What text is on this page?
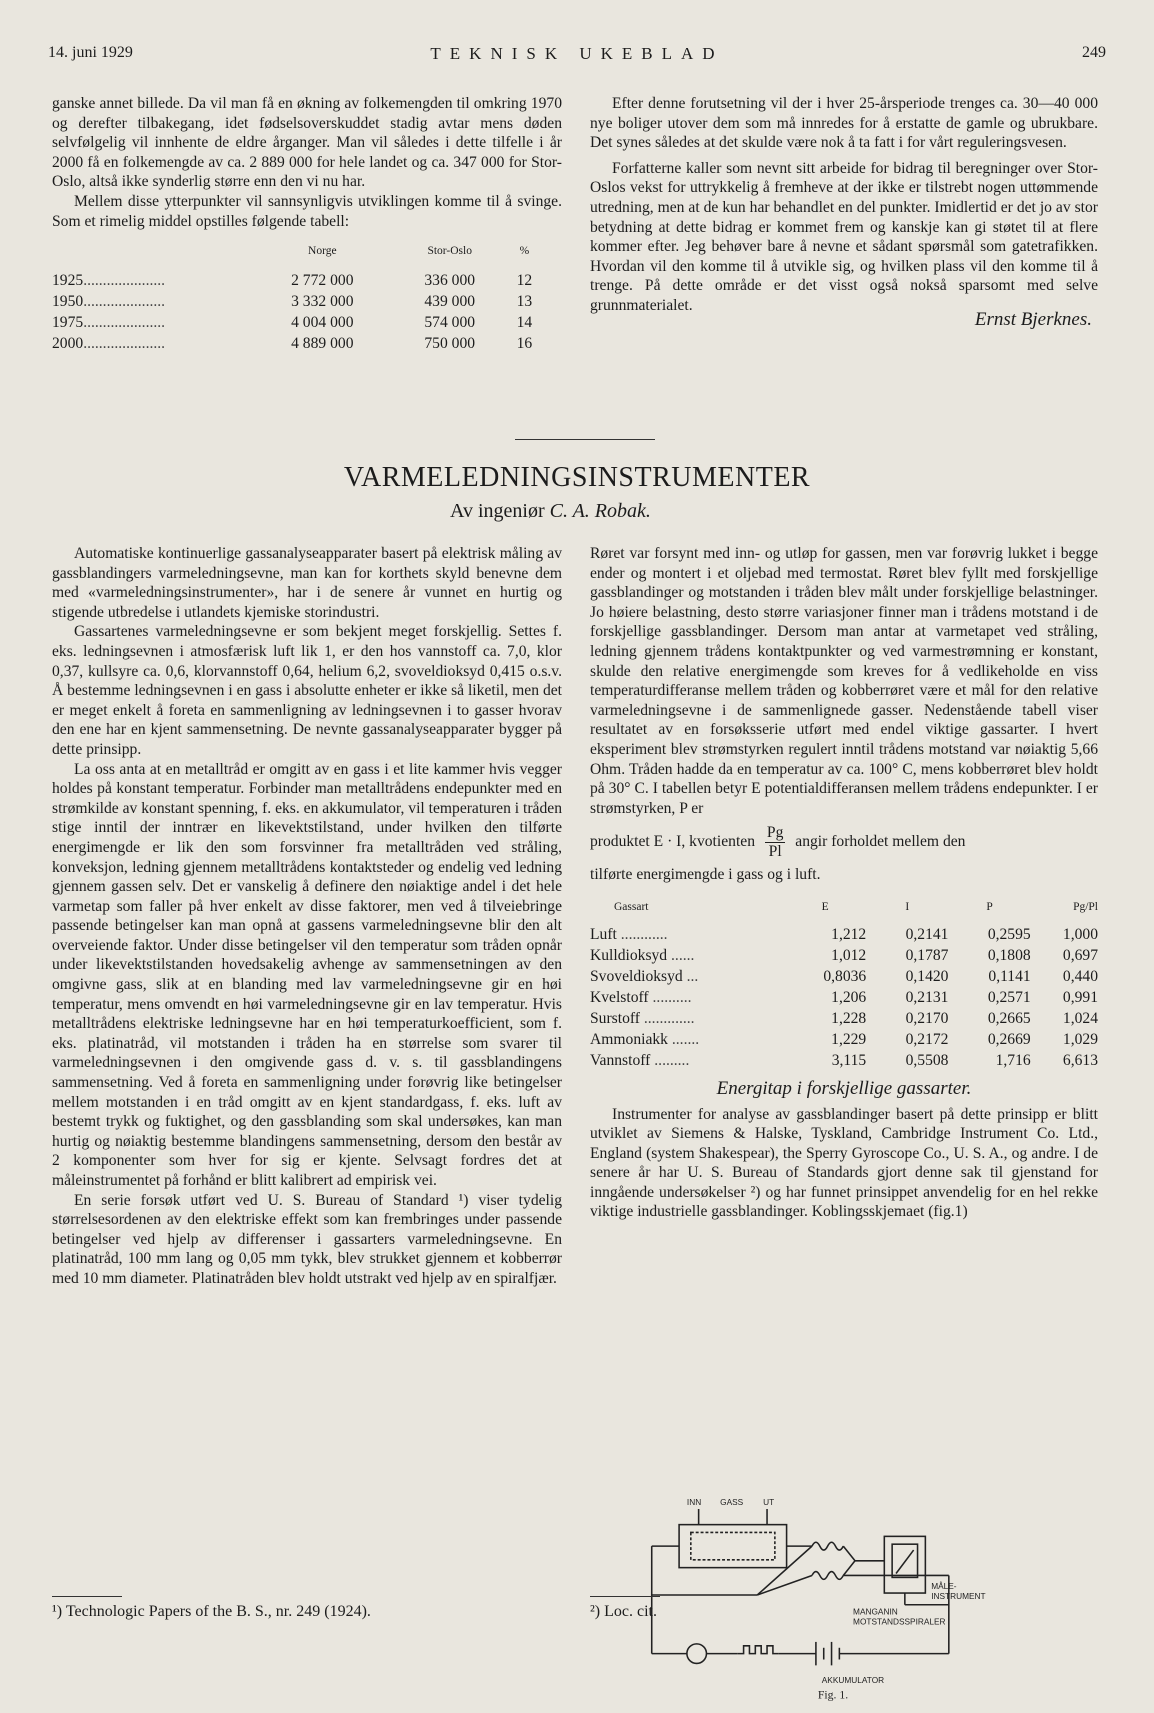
14. juni 1929	TEKNISK UKEBLAD	249

ganske annet billede. Da vil man få en økning av folkemengden til omkring 1970 og derefter tilbakegang, idet fødselsoverskuddet stadig avtar mens døden selvfølgelig vil innhente de eldre årganger. Man vil således i dette tilfelle i år 2000 få en folkemengde av ca. 2 889 000 for hele landet og ca. 347 000 for Stor-Oslo, altså ikke synderlig større enn den vi nu har.

Mellem disse ytterpunkter vil sannsynligvis utviklingen komme til å svinge. Som et rimelig middel opstilles følgende tabell:

	Norge	Stor-Oslo	%
1925.....................	2 772 000	336 000	12
1950.....................	3 332 000	439 000	13
1975.....................	4 004 000	574 000	14
2000.....................	4 889 000	750 000	16

Efter denne forutsetning vil der i hver 25-årsperiode trenges ca. 30—40 000 nye boliger utover dem som må innredes for å erstatte de gamle og ubrukbare. Det synes således at det skulde være nok å ta fatt i for vårt reguleringsvesen.

Forfatterne kaller som nevnt sitt arbeide for bidrag til beregninger over Stor-Oslos vekst for uttrykkelig å fremheve at der ikke er tilstrebt nogen uttømmende utredning, men at de kun har behandlet en del punkter. Imidlertid er det jo av stor betydning at dette bidrag er kommet frem og kanskje kan gi støtet til at flere kommer efter. Jeg behøver bare å nevne et sådant spørsmål som gatetrafikken. Hvordan vil den komme til å utvikle sig, og hvilken plass vil den komme til å trenge. På dette område er det visst også nokså sparsomt med selve grunnmaterialet.

Ernst Bjerknes.
VARMELEDNINGSINSTRUMENTER
Av ingeniør C. A. Robak.

Automatiske kontinuerlige gassanalyseapparater basert på elektrisk måling av gassblandingers varmeledningsevne, man kan for korthets skyld benevne dem med «varmeledningsinstrumenter», har i de senere år vunnet en hurtig og stigende utbredelse i utlandets kjemiske storindustri.

Gassartenes varmeledningsevne er som bekjent meget forskjellig. Settes f. eks. ledningsevnen i atmosfærisk luft lik 1, er den hos vannstoff ca. 7,0, klor 0,37, kullsyre ca. 0,6, klorvannstoff 0,64, helium 6,2, svoveldioksyd 0,415 o.s.v. Å bestemme ledningsevnen i en gass i absolutte enheter er ikke så liketil, men det er meget enkelt å foreta en sammenligning av ledningsevnen i to gasser hvorav den ene har en kjent sammensetning. De nevnte gassanalyseapparater bygger på dette prinsipp.

La oss anta at en metalltråd er omgitt av en gass i et lite kammer hvis vegger holdes på konstant temperatur. Forbinder man metalltrådens endepunkter med en strømkilde av konstant spenning, f. eks. en akkumulator, vil temperaturen i tråden stige inntil der inntrær en likevektstilstand, under hvilken den tilførte energimengde er lik den som forsvinner fra metalltråden ved stråling, konveksjon, ledning gjennem metalltrådens kontaktsteder og endelig ved ledning gjennem gassen selv. Det er vanskelig å definere den nøiaktige andel i det hele varmetap som faller på hver enkelt av disse faktorer, men ved å tilveiebringe passende betingelser kan man opnå at gassens varmeledningsevne blir den alt overveiende faktor. Under disse betingelser vil den temperatur som tråden opnår under likevektstilstanden hovedsakelig avhenge av sammensetningen av den omgivne gass, slik at en blanding med lav varmeledningsevne gir en høi temperatur, mens omvendt en høi varmeledningsevne gir en lav temperatur. Hvis metalltrådens elektriske ledningsevne har en høi temperaturkoefficient, som f. eks. platinatråd, vil motstanden i tråden ha en størrelse som svarer til varmeledningsevnen i den omgivende gass d. v. s. til gassblandingens sammensetning. Ved å foreta en sammenligning under forøvrig like betingelser mellem motstanden i en tråd omgitt av en kjent standardgass, f. eks. luft av bestemt trykk og fuktighet, og den gassblanding som skal undersøkes, kan man hurtig og nøiaktig bestemme blandingens sammensetning, dersom den består av 2 komponenter som hver for sig er kjente. Selvsagt fordres det at måleinstrumentet på forhånd er blitt kalibrert ad empirisk vei.

En serie forsøk utført ved U. S. Bureau of Standard ¹) viser tydelig størrelsesordenen av den elektriske effekt som kan frembringes under passende betingelser ved hjelp av differenser i gassarters varmeledningsevne. En platinatråd, 100 mm lang og 0,05 mm tykk, blev strukket gjennem et kobberrør med 10 mm diameter. Platinatråden blev holdt utstrakt ved hjelp av en spiralfjær.

Røret var forsynt med inn- og utløp for gassen, men var forøvrig lukket i begge ender og montert i et oljebad med termostat. Røret blev fyllt med forskjellige gassblandinger og motstanden i tråden blev målt under forskjellige belastninger. Jo høiere belastning, desto større variasjoner finner man i trådens motstand i de forskjellige gassblandinger. Dersom man antar at varmetapet ved stråling, ledning gjennem trådens kontaktpunkter og ved varmestrømning er konstant, skulde den relative energimengde som kreves for å vedlikeholde en viss temperaturdifferanse mellem tråden og kobberrøret være et mål for den relative varmeledningsevne i de sammenlignede gasser. Nedenstående tabell viser resultatet av en forsøksserie utført med endel viktige gassarter. I hvert eksperiment blev strømstyrken regulert inntil trådens motstand var nøiaktig 5,66 Ohm. Tråden hadde da en temperatur av ca. 100° C, mens kobberrøret blev holdt på 30° C. I tabellen betyr E potentialdifferansen mellem trådens endepunkter. I er strømstyrken, P er

produktet E · I, kvotienten $\frac{Pg}{Pl}$ angir forholdet mellem den

tilførte energimengde i gass og i luft.

Gassart	E	I	P	Pg/Pl
Luft ............	1,212	0,2141	0,2595	1,000
Kulldioksyd ......	1,012	0,1787	0,1808	0,697
Svoveldioksyd ...	0,8036	0,1420	0,1141	0,440
Kvelstoff ..........	1,206	0,2131	0,2571	0,991
Surstoff .............	1,228	0,2170	0,2665	1,024
Ammoniakk .......	1,229	0,2172	0,2669	1,029
Vannstoff .........	3,115	0,5508	1,716	6,613
Energitap i forskjellige gassarter.

Instrumenter for analyse av gassblandinger basert på dette prinsipp er blitt utviklet av Siemens & Halske, Tyskland, Cambridge Instrument Co. Ltd., England (system Shakespear), the Sperry Gyroscope Co., U. S. A., og andre. I de senere år har U. S. Bureau of Standards gjort denne sak til gjenstand for inngående undersøkelser ²) og har funnet prinsippet anvendelig for en hel rekke viktige industrielle gassblandinger. Koblingsskjemaet (fig.1)

INN GASS UT
MÅLE-
INSTRUMENT
MANGANIN
MOTSTANDSSPIRALER
AKKUMULATOR
Fig. 1.
¹) Technologic Papers of the B. S., nr. 249 (1924).	²) Loc. cit.
